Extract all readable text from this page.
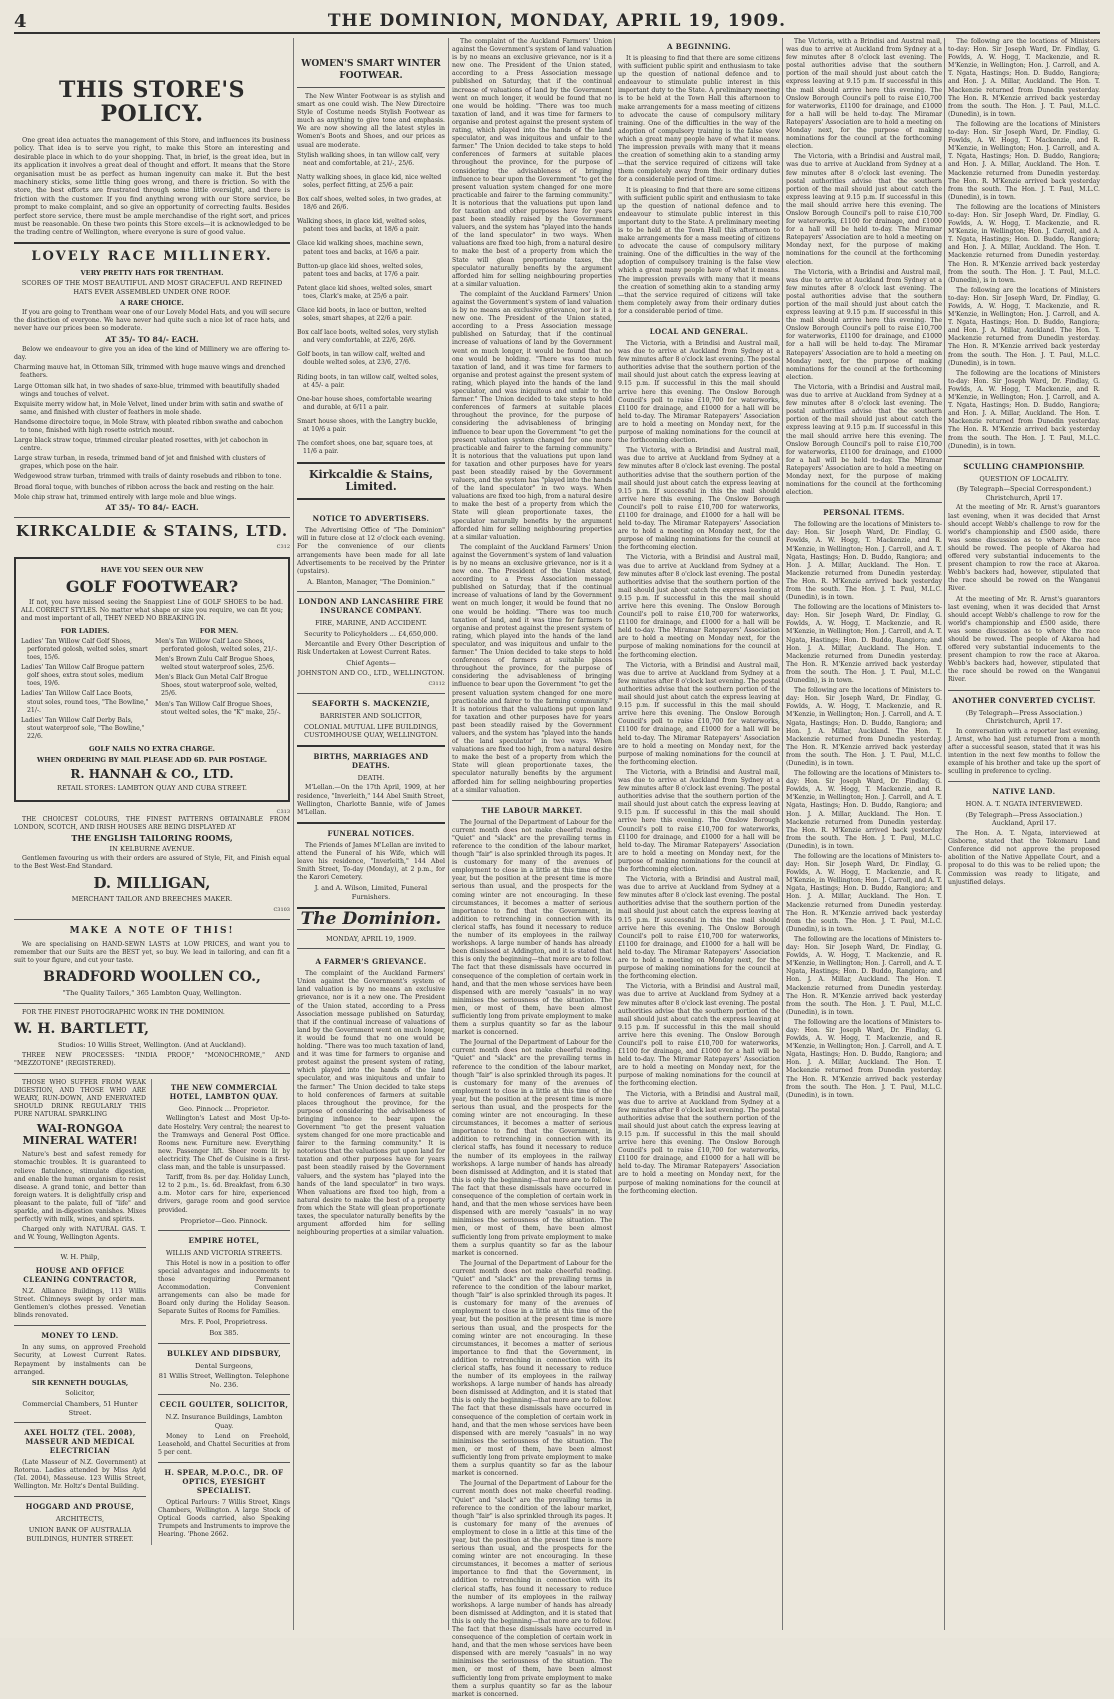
4	THE DOMINION, MONDAY, APRIL 19, 1909.
THIS STORE'S POLICY.
One great idea actuates the management of this Store, and influences its business policy. That idea is to serve you right, to make this Store an interesting and desirable place in which to do your shopping. That, in brief, is the great idea, but in its application it involves a great deal of thought and effort. It means that the Store organisation must be as perfect as human ingenuity can make it. But the best machinery sticks, some little thing goes wrong, and there is friction. So with the store, the best efforts are frustrated through some little oversight, and there is friction with the customer. If you find anything wrong with our Store service, be prompt to make complaint, and so give an opportunity of correcting faults. Besides perfect store service, there must be ample merchandise of the right sort, and prices must be reasonable. On these two points this Store excels—it is acknowledged to be the trading centre of Wellington, where everyone is sure of good value.
LOVELY RACE MILLINERY.
VERY PRETTY HATS FOR TRENTHAM.
SCORES OF THE MOST BEAUTIFUL AND MOST GRACEFUL AND REFINED HATS EVER ASSEMBLED UNDER ONE ROOF.
A RARE CHOICE.
If you are going to Trentham wear one of our Lovely Model Hats, and you will secure the distinction of everyone. We have never had quite such a nice lot of race hats, and never have our prices been so moderate.
AT 35/- TO 84/- EACH.
Below we endeavour to give you an idea of the kind of Millinery we are offering to-day.
Charming mauve hat, in Ottoman Silk, trimmed with huge mauve wings and drenched feathers.
Large Ottoman silk hat, in two shades of saxe-blue, trimmed with beautifully shaded wings and touches of velvet.
Exquisite merry widow hat, in Mole Velvet, lined under brim with satin and swathe of same, and finished with cluster of feathers in mole shade.
Handsome directoire toque, in Mole Straw, with pleated ribbon swathe and cabochon to tone, finished with high rosette ostrich mount.
Large black straw toque, trimmed circular pleated rosettes, with jet cabochon in centre.
Large straw turban, in reseda, trimmed band of jet and finished with clusters of grapes, which pose on the hair.
Wedgewood straw turban, trimmed with trails of dainty rosebuds and ribbon to tone.
Broad floral toque, with bunches of ribbon across the back and resting on the hair.
Mole chip straw hat, trimmed entirely with large mole and blue wings.
AT 35/- TO 84/- EACH.
KIRKCALDIE & STAINS, LTD.
C312
HAVE YOU SEEN OUR NEW
GOLF FOOTWEAR?
If not, you have missed seeing the Snappiest Line of GOLF SHOES to be had. ALL CORRECT STYLES. No matter what shape or size you require, we can fit you; and most important of all, THEY NEED NO BREAKING IN.
FOR LADIES.
Ladies' Tan Willow Calf Golf Shoes, perforated golosh, welted soles, smart toes, 15/6.
Ladies' Tan Willow Calf Brogue pattern golf shoes, extra stout soles, medium toes, 19/6.
Ladies' Tan Willow Calf Lace Boots, stout soles, round toes, "The Bowline," 21/-.
Ladies' Tan Willow Calf Derby Bals, stout waterproof sole, "The Bowline," 22/6.
FOR MEN.
Men's Tan Willow Calf Lace Shoes, perforated golosh, welted soles, 21/-.
Men's Brown Zulu Calf Brogue Shoes, welted stout waterproof soles, 25/6.
Men's Black Gun Metal Calf Brogue Shoes, stout waterproof sole, welted, 25/6.
Men's Tan Willow Calf Brogue Shoes, stout welted soles, the "K" make, 25/-.
GOLF NAILS NO EXTRA CHARGE.
WHEN ORDERING BY MAIL PLEASE ADD 6D. PAIR POSTAGE.
R. HANNAH & CO., LTD.
RETAIL STORES: LAMBTON QUAY AND CUBA STREET.
C313
THE CHOICEST COLOURS, THE FINEST PATTERNS OBTAINABLE FROM LONDON, SCOTCH, AND IRISH HOUSES ARE BEING DISPLAYED AT
THE ENGLISH TAILORING ROOMS,
IN KELBURNE AVENUE.
Gentlemen favouring us with their orders are assured of Style, Fit, and Finish equal to the Best West-End Standard.
D. MILLIGAN,
MERCHANT TAILOR AND BREECHES MAKER.
C3103
MAKE A NOTE OF THIS!
We are specialising on HAND-SEWN LASTS at LOW PRICES, and want you to remember that our Suits are the BEST yet, so buy. We lead in tailoring, and can fit a suit to your figure, and cut your taste.
BRADFORD WOOLLEN CO.,
"The Quality Tailors," 365 Lambton Quay, Wellington.
FOR THE FINEST PHOTOGRAPHIC WORK IN THE DOMINION.
W. H. BARTLETT,
Studios: 10 Willis Street, Wellington. (And at Auckland).
THREE NEW PROCESSES: "INDIA PROOF," "MONOCHROME," AND "MEZZOTONE" (REGISTERED).
THOSE WHO SUFFER FROM WEAK DIGESTION, AND THOSE WHO ARE WEARY, RUN-DOWN, AND ENERVATED SHOULD DRINK REGULARLY THIS PURE NATURAL SPARKLING
WAI-RONGOA MINERAL WATER!
Nature's best and safest remedy for stomachic troubles. It is guaranteed to relieve flatulence, stimulate digestion, and enable the human organism to resist disease. A grand tonic, and better than foreign waters. It is delightfully crisp and pleasant to the palate, full of "life" and sparkle, and in-digestion vanishes. Mixes perfectly with milk, wines, and spirits.
Charged only with NATURAL GAS. T. and W. Young, Wellington Agents.
W. H. Philp,
HOUSE AND OFFICE CLEANING CONTRACTOR,
N.Z. Alliance Buildings, 113 Willis Street. Chimneys swept by order man. Gentlemen's clothes pressed. Venetian blinds renovated.
MONEY TO LEND.
In any sums, on approved Freehold Security, at Lowest Current Rates. Repayment by instalments can be arranged.
SIR KENNETH DOUGLAS,
Solicitor,
Commercial Chambers, 51 Hunter Street.
AXEL HOLTZ (TEL. 2008), MASSEUR AND MEDICAL ELECTRICIAN
(Late Masseur of N.Z. Government) at Rotorua. Ladies attended by Miss Ayld (Tel. 2004), Masseuse. 123 Willis Street, Wellington. Mr. Holtz's Dental Building.
HOGGARD AND PROUSE,
ARCHITECTS,
UNION BANK OF AUSTRALIA BUILDINGS, HUNTER STREET.
THE NEW COMMERCIAL HOTEL, LAMBTON QUAY.
Geo. Pinnock ... Proprietor.
Wellington's Latest and Most Up-to-date Hostelry. Very central; the nearest to the Tramways and General Post Office. Rooms new. Furniture new. Everything new. Passenger lift. Sheer room lit by electricity. The Chef de Cuisine is a first-class man, and the table is unsurpassed.
Tariff, from 8s. per day. Holiday Lunch, 12 to 2 p.m., 1s. 6d. Breakfast, from 6.30 a.m. Motor cars for hire, experienced drivers, garage room and good service provided.
Proprietor—Geo. Pinnock.
EMPIRE HOTEL,
WILLIS AND VICTORIA STREETS.
This Hotel is now in a position to offer special advantages and inducements to those requiring Permanent Accommodation. Convenient arrangements can also be made for Board only during the Holiday Season. Separate Suites of Rooms for Families.
Mrs. F. Pool, Proprietress.
Box 385.
BULKLEY AND DIDSBURY,
Dental Surgeons,
81 Willis Street, Wellington. Telephone No. 236.
CECIL GOULTER, SOLICITOR,
N.Z. Insurance Buildings, Lambton Quay.
Money to Lend on Freehold, Leasehold, and Chattel Securities at from 5 per cent.
H. SPEAR, M.P.O.C., DR. OF OPTICS, EYESIGHT SPECIALIST.
Optical Parlours: 7 Willis Street, Kings Chambers, Wellington. A large Stock of Optical Goods carried, also Speaking Trumpets and Instruments to improve the Hearing. 'Phone 2662.
WOMEN'S SMART WINTER FOOTWEAR.
The New Winter Footwear is as stylish and smart as one could wish. The New Directoire Style of Costume needs Stylish Footwear as much as anything to give tone and emphasis. We are now showing all the latest styles in Women's Boots and Shoes, and our prices as usual are moderate.
Stylish walking shoes, in tan willow calf, very neat and comfortable, at 21/-, 25/6.
Natty walking shoes, in glace kid, nice welted soles, perfect fitting, at 25/6 a pair.
Box calf shoes, welted soles, in two grades, at 18/6 and 26/6.
Walking shoes, in glace kid, welted soles, patent toes and backs, at 18/6 a pair.
Glace kid walking shoes, machine sewn, patent toes and backs, at 16/6 a pair.
Button-up glace kid shoes, welted soles, patent toes and backs, at 17/6 a pair.
Patent glace kid shoes, welted soles, smart toes, Clark's make, at 25/6 a pair.
Glace kid boots, in lace or button, welted soles, smart shapes, at 22/6 a pair.
Box calf lace boots, welted soles, very stylish and very comfortable, at 22/6, 26/6.
Golf boots, in tan willow calf, welted and double welted soles, at 23/6, 27/6.
Riding boots, in tan willow calf, welted soles, at 45/- a pair.
One-bar house shoes, comfortable wearing and durable, at 6/11 a pair.
Smart house shoes, with the Langtry buckle, at 10/6 a pair.
The comfort shoes, one bar, square toes, at 11/6 a pair.
Kirkcaldie & Stains, Limited.
NOTICE TO ADVERTISERS.
The Advertising Office of "The Dominion" will in future close at 12 o'clock each evening. For the convenience of our clients arrangements have been made for all late Advertisements to be received by the Printer (upstairs).
A. Blanton, Manager, "The Dominion."
LONDON AND LANCASHIRE FIRE INSURANCE COMPANY.
FIRE, MARINE, AND ACCIDENT.
Security to Policyholders ... £4,650,000.
Mercantile and Every Other Description of Risk Undertaken at Lowest Current Rates.
Chief Agents—
JOHNSTON AND CO., LTD., WELLINGTON.
C3112
SEAFORTH S. MACKENZIE,
BARRISTER AND SOLICITOR,
COLONIAL MUTUAL LIFE BUILDINGS, CUSTOMHOUSE QUAY, WELLINGTON.
BIRTHS, MARRIAGES AND DEATHS.
DEATH.
M'Lellan.—On the 17th April, 1909, at her residence, "Inverleith," 144 Abel Smith Street, Wellington, Charlotte Bannie, wife of James M'Lellan.
FUNERAL NOTICES.
The Friends of James M'Lellan are invited to attend the Funeral of his Wife, which will leave his residence, "Inverleith," 144 Abel Smith Street, To-day (Monday), at 2 p.m., for the Karori Cemetery.
J. and A. Wilson, Limited, Funeral Furnishers.
The Dominion.
MONDAY, APRIL 19, 1909.
A FARMER'S GRIEVANCE.
The complaint of the Auckland Farmers' Union against the Government's system of land valuation is by no means an exclusive grievance, nor is it a new one. The President of the Union stated, according to a Press Association message published on Saturday, that if the continual increase of valuations of land by the Government went on much longer, it would be found that no one would be holding. "There was too much taxation of land, and it was time for farmers to organise and protest against the present system of rating, which played into the hands of the land speculator, and was iniquitous and unfair to the farmer." The Union decided to take steps to hold conferences of farmers at suitable places throughout the province, for the purpose of considering the advisableness of bringing influence to bear upon the Government "to get the present valuation system changed for one more practicable and fairer to the farming community." It is notorious that the valuations put upon land for taxation and other purposes have for years past been steadily raised by the Government valuers, and the system has "played into the hands of the land speculator" in two ways. When valuations are fixed too high, from a natural desire to make the best of a property from which the State will glean proportionate taxes, the speculator naturally benefits by the argument afforded him for selling neighbouring properties at a similar valuation.
The complaint of the Auckland Farmers' Union against the Government's system of land valuation is by no means an exclusive grievance, nor is it a new one. The President of the Union stated, according to a Press Association message published on Saturday, that if the continual increase of valuations of land by the Government went on much longer, it would be found that no one would be holding. "There was too much taxation of land, and it was time for farmers to organise and protest against the present system of rating, which played into the hands of the land speculator, and was iniquitous and unfair to the farmer." The Union decided to take steps to hold conferences of farmers at suitable places throughout the province, for the purpose of considering the advisableness of bringing influence to bear upon the Government "to get the present valuation system changed for one more practicable and fairer to the farming community." It is notorious that the valuations put upon land for taxation and other purposes have for years past been steadily raised by the Government valuers, and the system has "played into the hands of the land speculator" in two ways. When valuations are fixed too high, from a natural desire to make the best of a property from which the State will glean proportionate taxes, the speculator naturally benefits by the argument afforded him for selling neighbouring properties at a similar valuation.
The complaint of the Auckland Farmers' Union against the Government's system of land valuation is by no means an exclusive grievance, nor is it a new one. The President of the Union stated, according to a Press Association message published on Saturday, that if the continual increase of valuations of land by the Government went on much longer, it would be found that no one would be holding. "There was too much taxation of land, and it was time for farmers to organise and protest against the present system of rating, which played into the hands of the land speculator, and was iniquitous and unfair to the farmer." The Union decided to take steps to hold conferences of farmers at suitable places throughout the province, for the purpose of considering the advisableness of bringing influence to bear upon the Government "to get the present valuation system changed for one more practicable and fairer to the farming community." It is notorious that the valuations put upon land for taxation and other purposes have for years past been steadily raised by the Government valuers, and the system has "played into the hands of the land speculator" in two ways. When valuations are fixed too high, from a natural desire to make the best of a property from which the State will glean proportionate taxes, the speculator naturally benefits by the argument afforded him for selling neighbouring properties at a similar valuation.
The complaint of the Auckland Farmers' Union against the Government's system of land valuation is by no means an exclusive grievance, nor is it a new one. The President of the Union stated, according to a Press Association message published on Saturday, that if the continual increase of valuations of land by the Government went on much longer, it would be found that no one would be holding. "There was too much taxation of land, and it was time for farmers to organise and protest against the present system of rating, which played into the hands of the land speculator, and was iniquitous and unfair to the farmer." The Union decided to take steps to hold conferences of farmers at suitable places throughout the province, for the purpose of considering the advisableness of bringing influence to bear upon the Government "to get the present valuation system changed for one more practicable and fairer to the farming community." It is notorious that the valuations put upon land for taxation and other purposes have for years past been steadily raised by the Government valuers, and the system has "played into the hands of the land speculator" in two ways. When valuations are fixed too high, from a natural desire to make the best of a property from which the State will glean proportionate taxes, the speculator naturally benefits by the argument afforded him for selling neighbouring properties at a similar valuation.
THE LABOUR MARKET.
The Journal of the Department of Labour for the current month does not make cheerful reading. "Quiet" and "slack" are the prevailing terms in reference to the condition of the labour market, though "fair" is also sprinkled through its pages. It is customary for many of the avenues of employment to close in a little at this time of the year, but the position at the present time is more serious than usual, and the prospects for the coming winter are not encouraging. In these circumstances, it becomes a matter of serious importance to find that the Government, in addition to retrenching in connection with its clerical staffs, has found it necessary to reduce the number of its employees in the railway workshops. A large number of hands has already been dismissed at Addington, and it is stated that this is only the beginning—that more are to follow. The fact that these dismissals have occurred in consequence of the completion of certain work in hand, and that the men whose services have been dispensed with are merely "casuals" in no way minimises the seriousness of the situation. The men, or most of them, have been almost sufficiently long from private employment to make them a surplus quantity so far as the labour market is concerned.
The Journal of the Department of Labour for the current month does not make cheerful reading. "Quiet" and "slack" are the prevailing terms in reference to the condition of the labour market, though "fair" is also sprinkled through its pages. It is customary for many of the avenues of employment to close in a little at this time of the year, but the position at the present time is more serious than usual, and the prospects for the coming winter are not encouraging. In these circumstances, it becomes a matter of serious importance to find that the Government, in addition to retrenching in connection with its clerical staffs, has found it necessary to reduce the number of its employees in the railway workshops. A large number of hands has already been dismissed at Addington, and it is stated that this is only the beginning—that more are to follow. The fact that these dismissals have occurred in consequence of the completion of certain work in hand, and that the men whose services have been dispensed with are merely "casuals" in no way minimises the seriousness of the situation. The men, or most of them, have been almost sufficiently long from private employment to make them a surplus quantity so far as the labour market is concerned.
The Journal of the Department of Labour for the current month does not make cheerful reading. "Quiet" and "slack" are the prevailing terms in reference to the condition of the labour market, though "fair" is also sprinkled through its pages. It is customary for many of the avenues of employment to close in a little at this time of the year, but the position at the present time is more serious than usual, and the prospects for the coming winter are not encouraging. In these circumstances, it becomes a matter of serious importance to find that the Government, in addition to retrenching in connection with its clerical staffs, has found it necessary to reduce the number of its employees in the railway workshops. A large number of hands has already been dismissed at Addington, and it is stated that this is only the beginning—that more are to follow. The fact that these dismissals have occurred in consequence of the completion of certain work in hand, and that the men whose services have been dispensed with are merely "casuals" in no way minimises the seriousness of the situation. The men, or most of them, have been almost sufficiently long from private employment to make them a surplus quantity so far as the labour market is concerned.
The Journal of the Department of Labour for the current month does not make cheerful reading. "Quiet" and "slack" are the prevailing terms in reference to the condition of the labour market, though "fair" is also sprinkled through its pages. It is customary for many of the avenues of employment to close in a little at this time of the year, but the position at the present time is more serious than usual, and the prospects for the coming winter are not encouraging. In these circumstances, it becomes a matter of serious importance to find that the Government, in addition to retrenching in connection with its clerical staffs, has found it necessary to reduce the number of its employees in the railway workshops. A large number of hands has already been dismissed at Addington, and it is stated that this is only the beginning—that more are to follow. The fact that these dismissals have occurred in consequence of the completion of certain work in hand, and that the men whose services have been dispensed with are merely "casuals" in no way minimises the seriousness of the situation. The men, or most of them, have been almost sufficiently long from private employment to make them a surplus quantity so far as the labour market is concerned.
A BEGINNING.
It is pleasing to find that there are some citizens with sufficient public spirit and enthusiasm to take up the question of national defence and to endeavour to stimulate public interest in this important duty to the State. A preliminary meeting is to be held at the Town Hall this afternoon to make arrangements for a mass meeting of citizens to advocate the cause of compulsory military training. One of the difficulties in the way of the adoption of compulsory training is the false view which a great many people have of what it means. The impression prevails with many that it means the creation of something akin to a standing army—that the service required of citizens will take them completely away from their ordinary duties for a considerable period of time.
It is pleasing to find that there are some citizens with sufficient public spirit and enthusiasm to take up the question of national defence and to endeavour to stimulate public interest in this important duty to the State. A preliminary meeting is to be held at the Town Hall this afternoon to make arrangements for a mass meeting of citizens to advocate the cause of compulsory military training. One of the difficulties in the way of the adoption of compulsory training is the false view which a great many people have of what it means. The impression prevails with many that it means the creation of something akin to a standing army—that the service required of citizens will take them completely away from their ordinary duties for a considerable period of time.
LOCAL AND GENERAL.
The Victoria, with a Brindisi and Austral mail, was due to arrive at Auckland from Sydney at a few minutes after 8 o'clock last evening. The postal authorities advise that the southern portion of the mail should just about catch the express leaving at 9.15 p.m. If successful in this the mail should arrive here this evening. The Onslow Borough Council's poll to raise £10,700 for waterworks, £1100 for drainage, and £1000 for a hall will be held to-day. The Miramar Ratepayers' Association are to hold a meeting on Monday next, for the purpose of making nominations for the council at the forthcoming election.
The Victoria, with a Brindisi and Austral mail, was due to arrive at Auckland from Sydney at a few minutes after 8 o'clock last evening. The postal authorities advise that the southern portion of the mail should just about catch the express leaving at 9.15 p.m. If successful in this the mail should arrive here this evening. The Onslow Borough Council's poll to raise £10,700 for waterworks, £1100 for drainage, and £1000 for a hall will be held to-day. The Miramar Ratepayers' Association are to hold a meeting on Monday next, for the purpose of making nominations for the council at the forthcoming election.
The Victoria, with a Brindisi and Austral mail, was due to arrive at Auckland from Sydney at a few minutes after 8 o'clock last evening. The postal authorities advise that the southern portion of the mail should just about catch the express leaving at 9.15 p.m. If successful in this the mail should arrive here this evening. The Onslow Borough Council's poll to raise £10,700 for waterworks, £1100 for drainage, and £1000 for a hall will be held to-day. The Miramar Ratepayers' Association are to hold a meeting on Monday next, for the purpose of making nominations for the council at the forthcoming election.
The Victoria, with a Brindisi and Austral mail, was due to arrive at Auckland from Sydney at a few minutes after 8 o'clock last evening. The postal authorities advise that the southern portion of the mail should just about catch the express leaving at 9.15 p.m. If successful in this the mail should arrive here this evening. The Onslow Borough Council's poll to raise £10,700 for waterworks, £1100 for drainage, and £1000 for a hall will be held to-day. The Miramar Ratepayers' Association are to hold a meeting on Monday next, for the purpose of making nominations for the council at the forthcoming election.
The Victoria, with a Brindisi and Austral mail, was due to arrive at Auckland from Sydney at a few minutes after 8 o'clock last evening. The postal authorities advise that the southern portion of the mail should just about catch the express leaving at 9.15 p.m. If successful in this the mail should arrive here this evening. The Onslow Borough Council's poll to raise £10,700 for waterworks, £1100 for drainage, and £1000 for a hall will be held to-day. The Miramar Ratepayers' Association are to hold a meeting on Monday next, for the purpose of making nominations for the council at the forthcoming election.
The Victoria, with a Brindisi and Austral mail, was due to arrive at Auckland from Sydney at a few minutes after 8 o'clock last evening. The postal authorities advise that the southern portion of the mail should just about catch the express leaving at 9.15 p.m. If successful in this the mail should arrive here this evening. The Onslow Borough Council's poll to raise £10,700 for waterworks, £1100 for drainage, and £1000 for a hall will be held to-day. The Miramar Ratepayers' Association are to hold a meeting on Monday next, for the purpose of making nominations for the council at the forthcoming election.
The Victoria, with a Brindisi and Austral mail, was due to arrive at Auckland from Sydney at a few minutes after 8 o'clock last evening. The postal authorities advise that the southern portion of the mail should just about catch the express leaving at 9.15 p.m. If successful in this the mail should arrive here this evening. The Onslow Borough Council's poll to raise £10,700 for waterworks, £1100 for drainage, and £1000 for a hall will be held to-day. The Miramar Ratepayers' Association are to hold a meeting on Monday next, for the purpose of making nominations for the council at the forthcoming election.
The Victoria, with a Brindisi and Austral mail, was due to arrive at Auckland from Sydney at a few minutes after 8 o'clock last evening. The postal authorities advise that the southern portion of the mail should just about catch the express leaving at 9.15 p.m. If successful in this the mail should arrive here this evening. The Onslow Borough Council's poll to raise £10,700 for waterworks, £1100 for drainage, and £1000 for a hall will be held to-day. The Miramar Ratepayers' Association are to hold a meeting on Monday next, for the purpose of making nominations for the council at the forthcoming election.
The Victoria, with a Brindisi and Austral mail, was due to arrive at Auckland from Sydney at a few minutes after 8 o'clock last evening. The postal authorities advise that the southern portion of the mail should just about catch the express leaving at 9.15 p.m. If successful in this the mail should arrive here this evening. The Onslow Borough Council's poll to raise £10,700 for waterworks, £1100 for drainage, and £1000 for a hall will be held to-day. The Miramar Ratepayers' Association are to hold a meeting on Monday next, for the purpose of making nominations for the council at the forthcoming election.
The Victoria, with a Brindisi and Austral mail, was due to arrive at Auckland from Sydney at a few minutes after 8 o'clock last evening. The postal authorities advise that the southern portion of the mail should just about catch the express leaving at 9.15 p.m. If successful in this the mail should arrive here this evening. The Onslow Borough Council's poll to raise £10,700 for waterworks, £1100 for drainage, and £1000 for a hall will be held to-day. The Miramar Ratepayers' Association are to hold a meeting on Monday next, for the purpose of making nominations for the council at the forthcoming election.
The Victoria, with a Brindisi and Austral mail, was due to arrive at Auckland from Sydney at a few minutes after 8 o'clock last evening. The postal authorities advise that the southern portion of the mail should just about catch the express leaving at 9.15 p.m. If successful in this the mail should arrive here this evening. The Onslow Borough Council's poll to raise £10,700 for waterworks, £1100 for drainage, and £1000 for a hall will be held to-day. The Miramar Ratepayers' Association are to hold a meeting on Monday next, for the purpose of making nominations for the council at the forthcoming election.
The Victoria, with a Brindisi and Austral mail, was due to arrive at Auckland from Sydney at a few minutes after 8 o'clock last evening. The postal authorities advise that the southern portion of the mail should just about catch the express leaving at 9.15 p.m. If successful in this the mail should arrive here this evening. The Onslow Borough Council's poll to raise £10,700 for waterworks, £1100 for drainage, and £1000 for a hall will be held to-day. The Miramar Ratepayers' Association are to hold a meeting on Monday next, for the purpose of making nominations for the council at the forthcoming election.
PERSONAL ITEMS.
The following are the locations of Ministers to-day: Hon. Sir Joseph Ward, Dr. Findlay, G. Fowlds, A. W. Hogg, T. Mackenzie, and R. M'Kenzie, in Wellington; Hon. J. Carroll, and A. T. Ngata, Hastings; Hon. D. Buddo, Rangiora; and Hon. J. A. Millar, Auckland. The Hon. T. Mackenzie returned from Dunedin yesterday. The Hon. R. M'Kenzie arrived back yesterday from the south. The Hon. J. T. Paul, M.L.C. (Dunedin), is in town.
The following are the locations of Ministers to-day: Hon. Sir Joseph Ward, Dr. Findlay, G. Fowlds, A. W. Hogg, T. Mackenzie, and R. M'Kenzie, in Wellington; Hon. J. Carroll, and A. T. Ngata, Hastings; Hon. D. Buddo, Rangiora; and Hon. J. A. Millar, Auckland. The Hon. T. Mackenzie returned from Dunedin yesterday. The Hon. R. M'Kenzie arrived back yesterday from the south. The Hon. J. T. Paul, M.L.C. (Dunedin), is in town.
The following are the locations of Ministers to-day: Hon. Sir Joseph Ward, Dr. Findlay, G. Fowlds, A. W. Hogg, T. Mackenzie, and R. M'Kenzie, in Wellington; Hon. J. Carroll, and A. T. Ngata, Hastings; Hon. D. Buddo, Rangiora; and Hon. J. A. Millar, Auckland. The Hon. T. Mackenzie returned from Dunedin yesterday. The Hon. R. M'Kenzie arrived back yesterday from the south. The Hon. J. T. Paul, M.L.C. (Dunedin), is in town.
The following are the locations of Ministers to-day: Hon. Sir Joseph Ward, Dr. Findlay, G. Fowlds, A. W. Hogg, T. Mackenzie, and R. M'Kenzie, in Wellington; Hon. J. Carroll, and A. T. Ngata, Hastings; Hon. D. Buddo, Rangiora; and Hon. J. A. Millar, Auckland. The Hon. T. Mackenzie returned from Dunedin yesterday. The Hon. R. M'Kenzie arrived back yesterday from the south. The Hon. J. T. Paul, M.L.C. (Dunedin), is in town.
The following are the locations of Ministers to-day: Hon. Sir Joseph Ward, Dr. Findlay, G. Fowlds, A. W. Hogg, T. Mackenzie, and R. M'Kenzie, in Wellington; Hon. J. Carroll, and A. T. Ngata, Hastings; Hon. D. Buddo, Rangiora; and Hon. J. A. Millar, Auckland. The Hon. T. Mackenzie returned from Dunedin yesterday. The Hon. R. M'Kenzie arrived back yesterday from the south. The Hon. J. T. Paul, M.L.C. (Dunedin), is in town.
The following are the locations of Ministers to-day: Hon. Sir Joseph Ward, Dr. Findlay, G. Fowlds, A. W. Hogg, T. Mackenzie, and R. M'Kenzie, in Wellington; Hon. J. Carroll, and A. T. Ngata, Hastings; Hon. D. Buddo, Rangiora; and Hon. J. A. Millar, Auckland. The Hon. T. Mackenzie returned from Dunedin yesterday. The Hon. R. M'Kenzie arrived back yesterday from the south. The Hon. J. T. Paul, M.L.C. (Dunedin), is in town.
The following are the locations of Ministers to-day: Hon. Sir Joseph Ward, Dr. Findlay, G. Fowlds, A. W. Hogg, T. Mackenzie, and R. M'Kenzie, in Wellington; Hon. J. Carroll, and A. T. Ngata, Hastings; Hon. D. Buddo, Rangiora; and Hon. J. A. Millar, Auckland. The Hon. T. Mackenzie returned from Dunedin yesterday. The Hon. R. M'Kenzie arrived back yesterday from the south. The Hon. J. T. Paul, M.L.C. (Dunedin), is in town.
The following are the locations of Ministers to-day: Hon. Sir Joseph Ward, Dr. Findlay, G. Fowlds, A. W. Hogg, T. Mackenzie, and R. M'Kenzie, in Wellington; Hon. J. Carroll, and A. T. Ngata, Hastings; Hon. D. Buddo, Rangiora; and Hon. J. A. Millar, Auckland. The Hon. T. Mackenzie returned from Dunedin yesterday. The Hon. R. M'Kenzie arrived back yesterday from the south. The Hon. J. T. Paul, M.L.C. (Dunedin), is in town.
The following are the locations of Ministers to-day: Hon. Sir Joseph Ward, Dr. Findlay, G. Fowlds, A. W. Hogg, T. Mackenzie, and R. M'Kenzie, in Wellington; Hon. J. Carroll, and A. T. Ngata, Hastings; Hon. D. Buddo, Rangiora; and Hon. J. A. Millar, Auckland. The Hon. T. Mackenzie returned from Dunedin yesterday. The Hon. R. M'Kenzie arrived back yesterday from the south. The Hon. J. T. Paul, M.L.C. (Dunedin), is in town.
The following are the locations of Ministers to-day: Hon. Sir Joseph Ward, Dr. Findlay, G. Fowlds, A. W. Hogg, T. Mackenzie, and R. M'Kenzie, in Wellington; Hon. J. Carroll, and A. T. Ngata, Hastings; Hon. D. Buddo, Rangiora; and Hon. J. A. Millar, Auckland. The Hon. T. Mackenzie returned from Dunedin yesterday. The Hon. R. M'Kenzie arrived back yesterday from the south. The Hon. J. T. Paul, M.L.C. (Dunedin), is in town.
The following are the locations of Ministers to-day: Hon. Sir Joseph Ward, Dr. Findlay, G. Fowlds, A. W. Hogg, T. Mackenzie, and R. M'Kenzie, in Wellington; Hon. J. Carroll, and A. T. Ngata, Hastings; Hon. D. Buddo, Rangiora; and Hon. J. A. Millar, Auckland. The Hon. T. Mackenzie returned from Dunedin yesterday. The Hon. R. M'Kenzie arrived back yesterday from the south. The Hon. J. T. Paul, M.L.C. (Dunedin), is in town.
The following are the locations of Ministers to-day: Hon. Sir Joseph Ward, Dr. Findlay, G. Fowlds, A. W. Hogg, T. Mackenzie, and R. M'Kenzie, in Wellington; Hon. J. Carroll, and A. T. Ngata, Hastings; Hon. D. Buddo, Rangiora; and Hon. J. A. Millar, Auckland. The Hon. T. Mackenzie returned from Dunedin yesterday. The Hon. R. M'Kenzie arrived back yesterday from the south. The Hon. J. T. Paul, M.L.C. (Dunedin), is in town.
SCULLING CHAMPIONSHIP.
QUESTION OF LOCALITY.
(By Telegraph—Special Correspondent.) Christchurch, April 17.
At the meeting of Mr. R. Arnst's guarantors last evening, when it was decided that Arnst should accept Webb's challenge to row for the world's championship and £500 aside, there was some discussion as to where the race should be rowed. The people of Akaroa had offered very substantial inducements to the present champion to row the race at Akaroa. Webb's backers had, however, stipulated that the race should be rowed on the Wanganui River.
At the meeting of Mr. R. Arnst's guarantors last evening, when it was decided that Arnst should accept Webb's challenge to row for the world's championship and £500 aside, there was some discussion as to where the race should be rowed. The people of Akaroa had offered very substantial inducements to the present champion to row the race at Akaroa. Webb's backers had, however, stipulated that the race should be rowed on the Wanganui River.
ANOTHER CONVERTED CYCLIST.
(By Telegraph—Press Association.) Christchurch, April 17.
In conversation with a reporter last evening, J. Arnst, who had just returned from a month after a successful season, stated that it was his intention in the next few months to follow the example of his brother and take up the sport of sculling in preference to cycling.
NATIVE LAND.
HON. A. T. NGATA INTERVIEWED.
(By Telegraph—Press Association.) Auckland, April 17.
The Hon. A. T. Ngata, interviewed at Gisborne, stated that the Tokomaru Land Conference did not approve the proposed abolition of the Native Appellate Court, and a proposal to do this was to be relied upon; the Commission was ready to litigate, and unjustified delays.
